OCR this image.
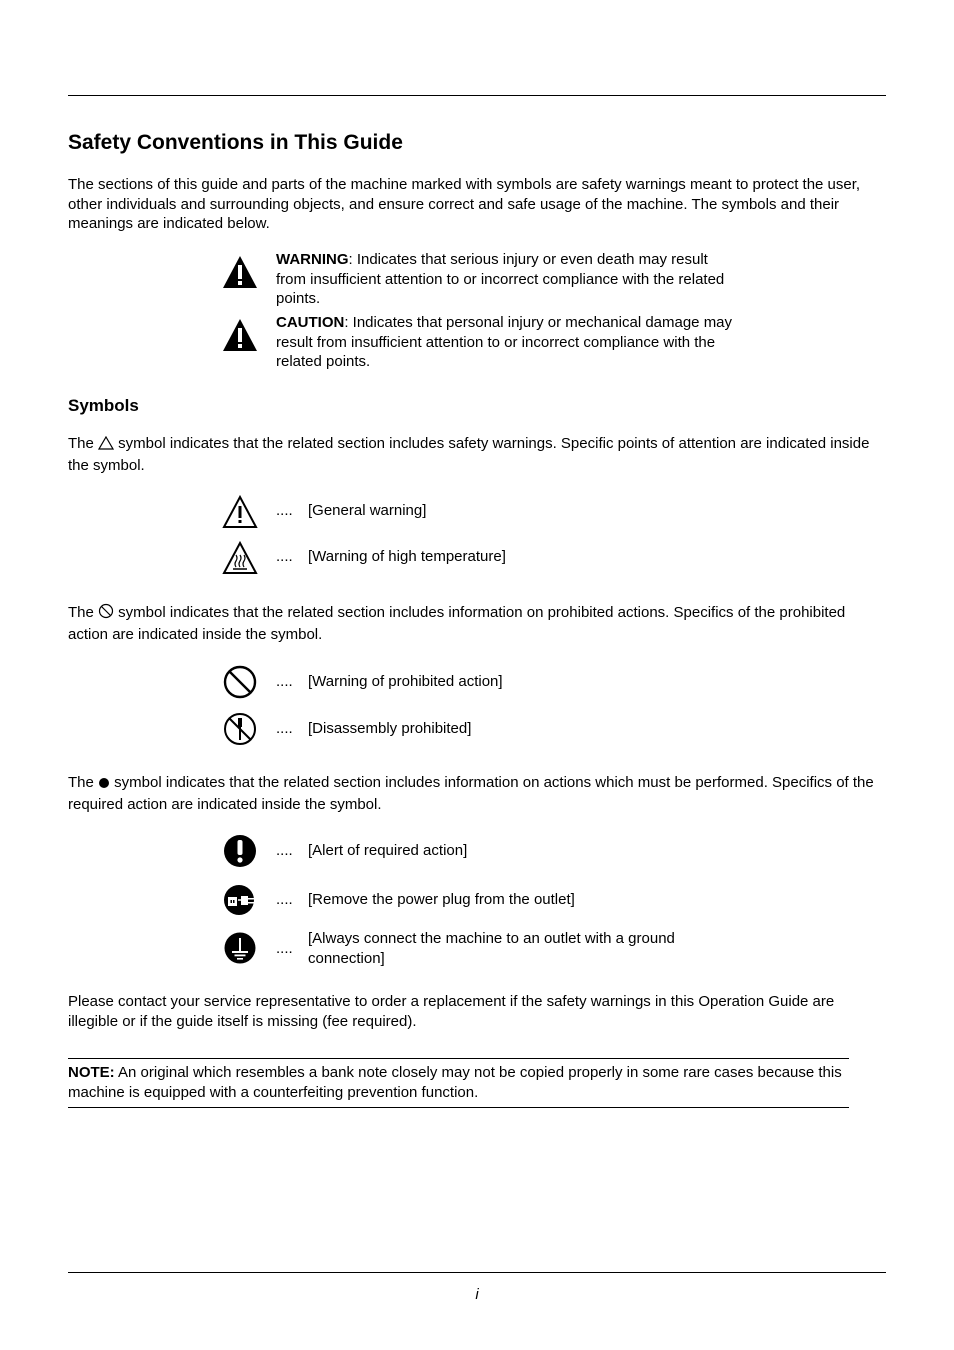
Safety Conventions in This Guide

The sections of this guide and parts of the machine marked with symbols are safety warnings meant to protect the user, other individuals and surrounding objects, and ensure correct and safe usage of the machine. The symbols and their meanings are indicated below.

WARNING: Indicates that serious injury or even death may result from insufficient attention to or incorrect compliance with the related points.
CAUTION: Indicates that personal injury or mechanical damage may result from insufficient attention to or incorrect compliance with the related points.
Symbols

The  symbol indicates that the related section includes safety warnings. Specific points of attention are indicated inside the symbol.

.... [General warning]
.... [Warning of high temperature]

The  symbol indicates that the related section includes information on prohibited actions. Specifics of the prohibited action are indicated inside the symbol.

.... [Warning of prohibited action]
.... [Disassembly prohibited]

The  symbol indicates that the related section includes information on actions which must be performed. Specifics of the required action are indicated inside the symbol.

.... [Alert of required action]
.... [Remove the power plug from the outlet]
....
[Always connect the machine to an outlet with a ground connection]

Please contact your service representative to order a replacement if the safety warnings in this Operation Guide are illegible or if the guide itself is missing (fee required).

NOTE: An original which resembles a bank note closely may not be copied properly in some rare cases because this machine is equipped with a counterfeiting prevention function.

i
